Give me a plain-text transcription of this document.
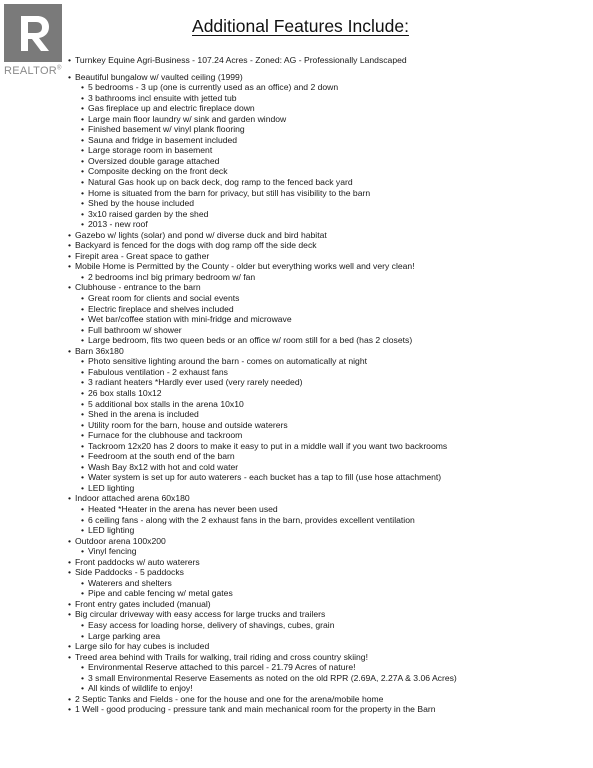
REALTOR®
Additional Features Include:
• Turnkey Equine Agri-Business - 107.24 Acres - Zoned: AG - Professionally Landscaped
• Beautiful bungalow w/ vaulted ceiling (1999)
• 5 bedrooms - 3 up (one is currently used as an office) and 2 down
• 3 bathrooms incl ensuite with jetted tub
• Gas fireplace up and electric fireplace down
• Large main floor laundry w/ sink and garden window
• Finished basement w/ vinyl plank flooring
• Sauna and fridge in basement included
• Large storage room in basement
• Oversized double garage attached
• Composite decking on the front deck
• Natural Gas hook up on back deck, dog ramp to the fenced back yard
• Home is situated from the barn for privacy, but still has visibility to the barn
• Shed by the house included
• 3x10 raised garden by the shed
• 2013 - new roof
• Gazebo w/ lights (solar) and pond w/ diverse duck and bird habitat
• Backyard is fenced for the dogs with dog ramp off the side deck
• Firepit area - Great space to gather
• Mobile Home is Permitted by the County - older but everything works well and very clean!
• 2 bedrooms incl big primary bedroom w/ fan
• Clubhouse - entrance to the barn
• Great room for clients and social events
• Electric fireplace and shelves included
• Wet bar/coffee station with mini-fridge and microwave
• Full bathroom w/ shower
• Large bedroom, fits two queen beds or an office w/ room still for a bed (has 2 closets)
• Barn 36x180
• Photo sensitive lighting around the barn - comes on automatically at night
• Fabulous ventilation - 2 exhaust fans
• 3 radiant heaters *Hardly ever used (very rarely needed)
• 26 box stalls 10x12
• 5 additional box stalls in the arena 10x10
• Shed in the arena is included
• Utility room for the barn, house and outside waterers
• Furnace for the clubhouse and tackroom
• Tackroom 12x20 has 2 doors to make it easy to put in a middle wall if you want two backrooms
• Feedroom at the south end of the barn
• Wash Bay 8x12 with hot and cold water
• Water system is set up for auto waterers - each bucket has a tap to fill (use hose attachment)
• LED lighting
• Indoor attached arena 60x180
• Heated *Heater in the arena has never been used
• 6 ceiling fans - along with the 2 exhaust fans in the barn, provides excellent ventilation
• LED lighting
• Outdoor arena 100x200
• Vinyl fencing
• Front paddocks w/ auto waterers
• Side Paddocks - 5 paddocks
• Waterers and shelters
• Pipe and cable fencing w/ metal gates
• Front entry gates included (manual)
• Big circular driveway with easy access for large trucks and trailers
• Easy access for loading horse, delivery of shavings, cubes, grain
• Large parking area
• Large silo for hay cubes is included
• Treed area behind with Trails for walking, trail riding and cross country skiing!
• Environmental Reserve attached to this parcel - 21.79 Acres of nature!
• 3 small Environmental Reserve Easements as noted on the old RPR (2.69A, 2.27A & 3.06 Acres)
• All kinds of wildlife to enjoy!
• 2 Septic Tanks and Fields - one for the house and one for the arena/mobile home
• 1 Well - good producing - pressure tank and main mechanical room for the property in the Barn
